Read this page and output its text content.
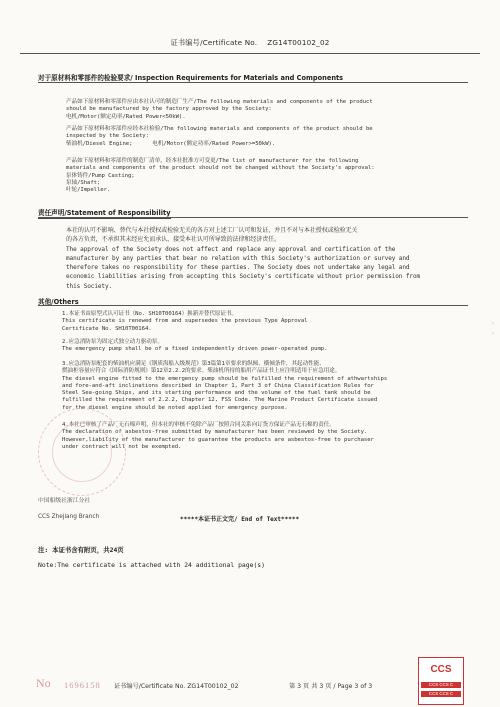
证书编号/Certificate No. ZG14T00102_02
对于原材料和零部件的检验要求/ Inspection Requirements for Materials and Components
产品如下原材料和零部件应由本社认可的制造厂生产/The following materials and components of the product
should be manufactured by the factory approved by the Society:
电机/Motor(额定功率/Rated Power<50kW).
产品如下原材料和零部件应经本社检验/The following materials and components of the product should be
inspected by the Society:
柴油机/Diesel Engine;      电机/Motor(额定功率/Rated Power>=50kW).
产品如下原材料和零部件的制造厂清单，经本社批准方可变更/The list of manufacturer for the following
materials and components of the product should not be changed without the Society's approval:
泵体铸件/Pump Casting;
泵轴/Shaft;
叶轮/Impeller.
责任声明/Statement of Responsibility
本社的认可不影响、替代与本社授权或检验无关的各方对上述工厂认可和发证，并且不对与本社授权或检验无关
的各方负责，不承担其未经应允而承认、接受本社认可所导致的法律和经济责任。
The approval of the Society does not affect and replace any approval and certification of the
manufacturer by any parties that bear no relation with this Society's authorization or survey and
therefore takes no responsibility for these parties. The Society does not undertake any legal and
economic liabilities arising from accepting this Society's certificate without prior permission from
this Society.
其他/Others
1.本证书由原型式认可证书（No. SH10T00164）换新并替代原证书。
This certificate is renewed from and supersedes the previous Type Approval
Certificate No. SH10T00164.
2.应急消防泵为固定式独立动力驱动泵。
The emergency pump shall be of a fixed independently driven power-operated pump.
3.应急消防泵配套的柴油机应满足《钢质海船入级规范》第3篇第1章要求的纵倾、横倾条件，其起动性能、
燃油柜容量应符合《国际消防规则》第12章2.2.2的要求。柴油机所持的船用产品证书上应注明适用于应急用途。
The diesel engine fitted to the emergency pump should be fulfilled the requirement of athwartships
and fore-and-aft inclinations described in Chapter 1, Part 3 of China Classification Rules for
Steel Sea-going Ships, and its starting performance and the volume of the fuel tank should be
fulfilled the requirement of 2.2.2, Chapter 12, FSS Code. The Marine Product Certificate issued
for the diesel engine should be noted applied for emergency purpose.
4.本社已审核了产品厂无石棉声明，但本社的审核不免除产品厂按照合同关系向订货方保证产品无石棉的责任。
The declaration of asbestos-free submitted by manufacturer has been reviewed by the Society.
However,liability of the manufacturer to guarantee the products are asbestos-free to purchaser
under contract will not be exempted.
◦◦
中国船级社浙江分社
CCS Zhejiang Branch	*****本证书正文完/ End of Text*****
注: 本证书含有附页，共24页
Note:The certificate is attached with 24 additional page(s)
No 1696158 证书编号/Certificate No. ZG14T00102_02	第 3 页 共 3 页 / Page 3 of 3
CCS
CCS CCS C
CCS CCS C
